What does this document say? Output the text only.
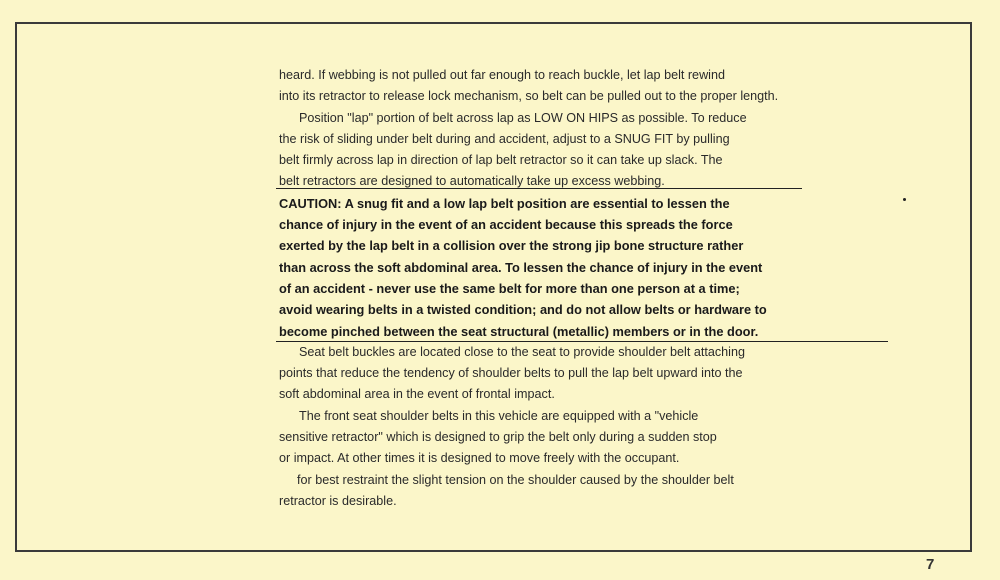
heard. If webbing is not pulled out far enough to reach buckle, let lap belt rewind
into its retractor to release lock mechanism, so belt can be pulled out to the proper length.
Position "lap" portion of belt across lap as LOW ON HIPS as possible. To reduce
the risk of sliding under belt during and accident, adjust to a SNUG FIT by pulling
belt firmly across lap in direction of lap belt retractor so it can take up slack. The
belt retractors are designed to automatically take up excess webbing.
CAUTION: A snug fit and a low lap belt position are essential to lessen the
chance of injury in the event of an accident because this spreads the force
exerted by the lap belt in a collision over the strong jip bone structure rather
than across the soft abdominal area. To lessen the chance of injury in the event
of an accident - never use the same belt for more than one person at a time;
avoid wearing belts in a twisted condition; and do not allow belts or hardware to
become pinched between the seat structural (metallic) members or in the door.
Seat belt buckles are located close to the seat to provide shoulder belt attaching
points that reduce the tendency of shoulder belts to pull the lap belt upward into the
soft abdominal area in the event of frontal impact.
The front seat shoulder belts in this vehicle are equipped with a "vehicle
sensitive retractor" which is designed to grip the belt only during a sudden stop
or impact. At other times it is designed to move freely with the occupant.
for best restraint the slight tension on the shoulder caused by the shoulder belt
retractor is desirable.
7
